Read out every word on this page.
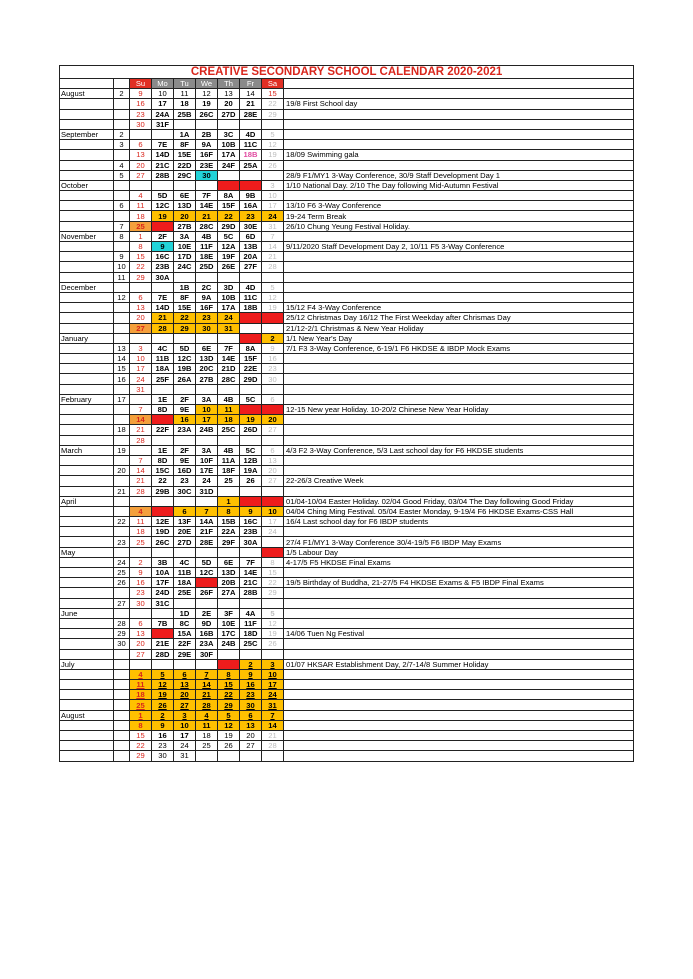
CREATIVE SECONDARY SCHOOL CALENDAR 2020-2021									
		Su	Mo	Tu	We	Th	Fr	Sa	
August	2	9	10	11	12	13	14	15	
		16	17	18	19	20	21	22	19/8 First School day
		23	24A	25B	26C	27D	28E	29	
		30	31F						
September	2			1A	2B	3C	4D	5	
	3	6	7E	8F	9A	10B	11C	12	
		13	14D	15E	16F	17A	18B	19	18/09 Swimming gala
	4	20	21C	22D	23E	24F	25A	26	
	5	27	28B	29C	30				28/9 F1/MY1 3-Way Conference, 30/9 Staff Development Day 1
October								3	1/10 National Day. 2/10 The Day following Mid-Autumn Festival
		4	5D	6E	7F	8A	9B	10	
	6	11	12C	13D	14E	15F	16A	17	13/10 F6 3-Way Conference
		18	19	20	21	22	23	24	19-24 Term Break
	7	25		27B	28C	29D	30E	31	26/10 Chung Yeung Festival Holiday.
November	8	1	2F	3A	4B	5C	6D	7	
		8	9	10E	11F	12A	13B	14	9/11/2020 Staff Development Day 2, 10/11 F5 3-Way Conference
	9	15	16C	17D	18E	19F	20A	21	
	10	22	23B	24C	25D	26E	27F	28	
	11	29	30A						
December				1B	2C	3D	4D	5	
	12	6	7E	8F	9A	10B	11C	12	
		13	14D	15E	16F	17A	18B	19	15/12 F4 3-Way Conference
		20	21	22	23	24			25/12 Christmas Day 16/12 The First Weekday after Chrismas Day
		27	28	29	30	31			21/12-2/1 Christmas & New Year Holiday
January								2	1/1 New Year's Day
	13	3	4C	5D	6E	7F	8A	9	7/1 F3 3-Way Conference, 6-19/1 F6 HKDSE & IBDP Mock Exams
	14	10	11B	12C	13D	14E	15F	16	
	15	17	18A	19B	20C	21D	22E	23	
	16	24	25F	26A	27B	28C	29D	30	
		31							
February	17		1E	2F	3A	4B	5C	6	
		7	8D	9E	10	11			12-15 New year Holiday. 10-20/2 Chinese New Year Holiday
		14		16	17	18	19	20	
	18	21	22F	23A	24B	25C	26D	27	
		28							
March	19		1E	2F	3A	4B	5C	6	4/3 F2 3-Way Conference, 5/3 Last school day for F6 HKDSE students
		7	8D	9E	10F	11A	12B	13	
	20	14	15C	16D	17E	18F	19A	20	
		21	22	23	24	25	26	27	22-26/3 Creative Week
	21	28	29B	30C	31D				
April						1			01/04-10/04 Easter Holiday. 02/04 Good Friday, 03/04 The Day following Good Friday
		4		6	7	8	9	10	04/04 Ching Ming Festival. 05/04 Easter Monday, 9-19/4 F6 HKDSE Exams-CSS Hall
	22	11	12E	13F	14A	15B	16C	17	16/4 Last school day for F6 IBDP students
		18	19D	20E	21F	22A	23B	24	
	23	25	26C	27D	28E	29F	30A		27/4 F1/MY1 3-Way Conference 30/4-19/5 F6 IBDP May Exams
May									1/5 Labour Day
	24	2	3B	4C	5D	6E	7F	8	4-17/5 F5 HKDSE Final Exams
	25	9	10A	11B	12C	13D	14E	15	
	26	16	17F	18A		20B	21C	22	19/5 Birthday of Buddha, 21-27/5 F4 HKDSE Exams & F5 IBDP Final Exams
		23	24D	25E	26F	27A	28B	29	
	27	30	31C						
June				1D	2E	3F	4A	5	
	28	6	7B	8C	9D	10E	11F	12	
	29	13		15A	16B	17C	18D	19	14/06 Tuen Ng Festival
	30	20	21E	22F	23A	24B	25C	26	
		27	28D	29E	30F				
July							2	3	01/07 HKSAR Establishment Day, 2/7-14/8 Summer Holiday
		4	5	6	7	8	9	10	
		11	12	13	14	15	16	17	
		18	19	20	21	22	23	24	
		25	26	27	28	29	30	31	
August		1	2	3	4	5	6	7	
		8	9	10	11	12	13	14	
		15	16	17	18	19	20	21	
		22	23	24	25	26	27	28	
		29	30	31					
